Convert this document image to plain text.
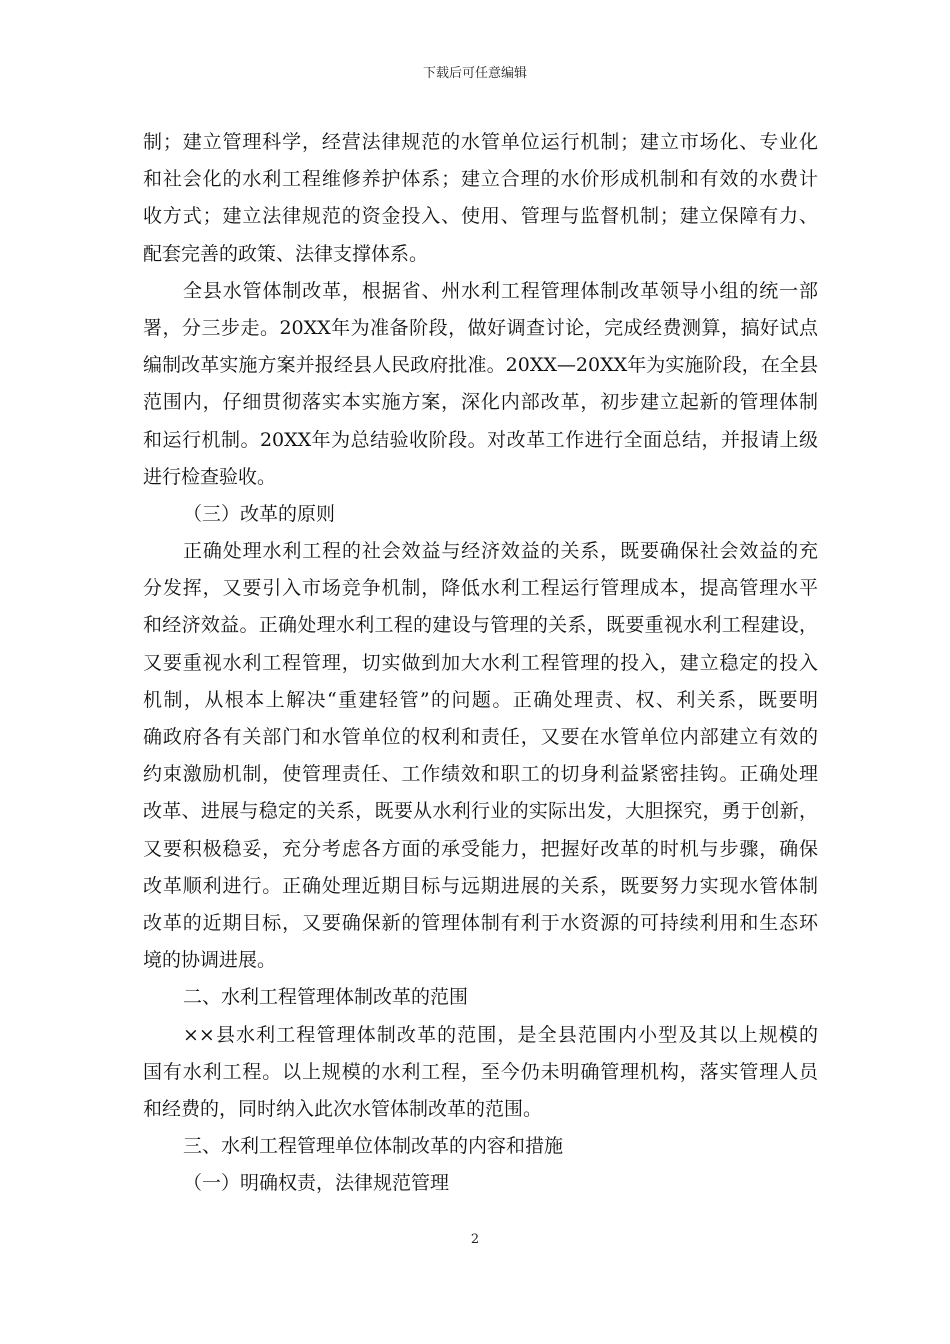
下载后可任意编辑
制；建立管理科学，经营法律规范的水管单位运行机制；建立市场化、专业化
和社会化的水利工程维修养护体系；建立合理的水价形成机制和有效的水费计
收方式；建立法律规范的资金投入、使用、管理与监督机制；建立保障有力、
配套完善的政策、法律支撑体系。
全县水管体制改革，根据省、州水利工程管理体制改革领导小组的统一部
署，分三步走。20XX年为准备阶段，做好调查讨论，完成经费测算，搞好试点
编制改革实施方案并报经县人民政府批准。20XX—20XX年为实施阶段，在全县
范围内，仔细贯彻落实本实施方案，深化内部改革，初步建立起新的管理体制
和运行机制。20XX年为总结验收阶段。对改革工作进行全面总结，并报请上级
进行检查验收。
（三）改革的原则
正确处理水利工程的社会效益与经济效益的关系，既要确保社会效益的充
分发挥，又要引入市场竞争机制，降低水利工程运行管理成本，提高管理水平
和经济效益。正确处理水利工程的建设与管理的关系，既要重视水利工程建设，
又要重视水利工程管理，切实做到加大水利工程管理的投入，建立稳定的投入
机制，从根本上解决“重建轻管”的问题。正确处理责、权、利关系，既要明
确政府各有关部门和水管单位的权利和责任，又要在水管单位内部建立有效的
约束激励机制，使管理责任、工作绩效和职工的切身利益紧密挂钩。正确处理
改革、进展与稳定的关系，既要从水利行业的实际出发，大胆探究，勇于创新，
又要积极稳妥，充分考虑各方面的承受能力，把握好改革的时机与步骤，确保
改革顺利进行。正确处理近期目标与远期进展的关系，既要努力实现水管体制
改革的近期目标，又要确保新的管理体制有利于水资源的可持续利用和生态环
境的协调进展。
二、水利工程管理体制改革的范围
××县水利工程管理体制改革的范围，是全县范围内小型及其以上规模的
国有水利工程。以上规模的水利工程，至今仍未明确管理机构，落实管理人员
和经费的，同时纳入此次水管体制改革的范围。
三、水利工程管理单位体制改革的内容和措施
（一）明确权责，法律规范管理
2
